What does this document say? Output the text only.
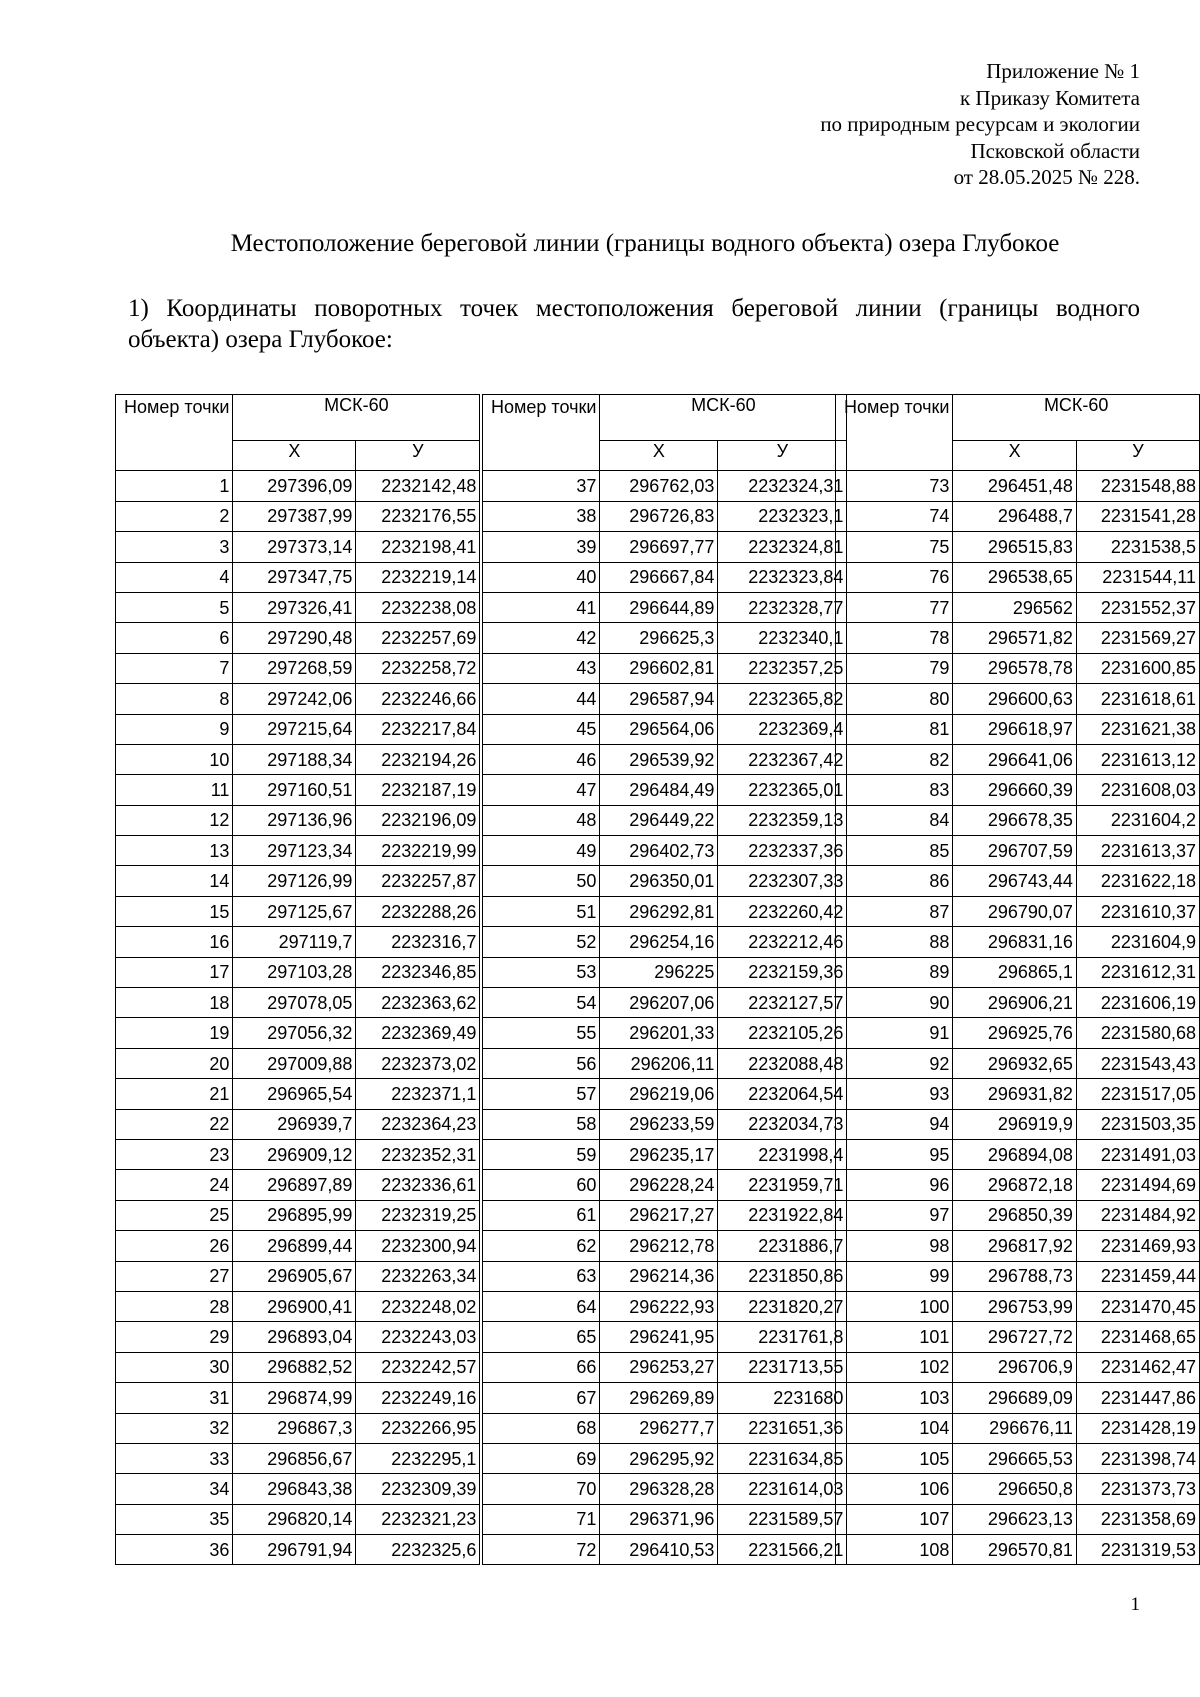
Приложение № 1
к Приказу Комитета
по природным ресурсам и экологии
Псковской области
от 28.05.2025 № 228.
Местоположение береговой линии (границы водного объекта) озера Глубокое
1) Координаты поворотных точек местоположения береговой линии (границы водного объекта) озера Глубокое:
Номер точки	МСК-60	
	X	У
1	297396,09	2232142,48
2	297387,99	2232176,55
3	297373,14	2232198,41
4	297347,75	2232219,14
5	297326,41	2232238,08
6	297290,48	2232257,69
7	297268,59	2232258,72
8	297242,06	2232246,66
9	297215,64	2232217,84
10	297188,34	2232194,26
11	297160,51	2232187,19
12	297136,96	2232196,09
13	297123,34	2232219,99
14	297126,99	2232257,87
15	297125,67	2232288,26
16	297119,7	2232316,7
17	297103,28	2232346,85
18	297078,05	2232363,62
19	297056,32	2232369,49
20	297009,88	2232373,02
21	296965,54	2232371,1
22	296939,7	2232364,23
23	296909,12	2232352,31
24	296897,89	2232336,61
25	296895,99	2232319,25
26	296899,44	2232300,94
27	296905,67	2232263,34
28	296900,41	2232248,02
29	296893,04	2232243,03
30	296882,52	2232242,57
31	296874,99	2232249,16
32	296867,3	2232266,95
33	296856,67	2232295,1
34	296843,38	2232309,39
35	296820,14	2232321,23
36	296791,94	2232325,6
Номер точки	МСК-60	
	X	У
37	296762,03	2232324,31
38	296726,83	2232323,1
39	296697,77	2232324,81
40	296667,84	2232323,84
41	296644,89	2232328,77
42	296625,3	2232340,1
43	296602,81	2232357,25
44	296587,94	2232365,82
45	296564,06	2232369,4
46	296539,92	2232367,42
47	296484,49	2232365,01
48	296449,22	2232359,13
49	296402,73	2232337,36
50	296350,01	2232307,33
51	296292,81	2232260,42
52	296254,16	2232212,46
53	296225	2232159,36
54	296207,06	2232127,57
55	296201,33	2232105,26
56	296206,11	2232088,48
57	296219,06	2232064,54
58	296233,59	2232034,73
59	296235,17	2231998,4
60	296228,24	2231959,71
61	296217,27	2231922,84
62	296212,78	2231886,7
63	296214,36	2231850,86
64	296222,93	2231820,27
65	296241,95	2231761,8
66	296253,27	2231713,55
67	296269,89	2231680
68	296277,7	2231651,36
69	296295,92	2231634,85
70	296328,28	2231614,03
71	296371,96	2231589,57
72	296410,53	2231566,21
Номер точки	МСК-60	
	X	У
73	296451,48	2231548,88
74	296488,7	2231541,28
75	296515,83	2231538,5
76	296538,65	2231544,11
77	296562	2231552,37
78	296571,82	2231569,27
79	296578,78	2231600,85
80	296600,63	2231618,61
81	296618,97	2231621,38
82	296641,06	2231613,12
83	296660,39	2231608,03
84	296678,35	2231604,2
85	296707,59	2231613,37
86	296743,44	2231622,18
87	296790,07	2231610,37
88	296831,16	2231604,9
89	296865,1	2231612,31
90	296906,21	2231606,19
91	296925,76	2231580,68
92	296932,65	2231543,43
93	296931,82	2231517,05
94	296919,9	2231503,35
95	296894,08	2231491,03
96	296872,18	2231494,69
97	296850,39	2231484,92
98	296817,92	2231469,93
99	296788,73	2231459,44
100	296753,99	2231470,45
101	296727,72	2231468,65
102	296706,9	2231462,47
103	296689,09	2231447,86
104	296676,11	2231428,19
105	296665,53	2231398,74
106	296650,8	2231373,73
107	296623,13	2231358,69
108	296570,81	2231319,53
1
